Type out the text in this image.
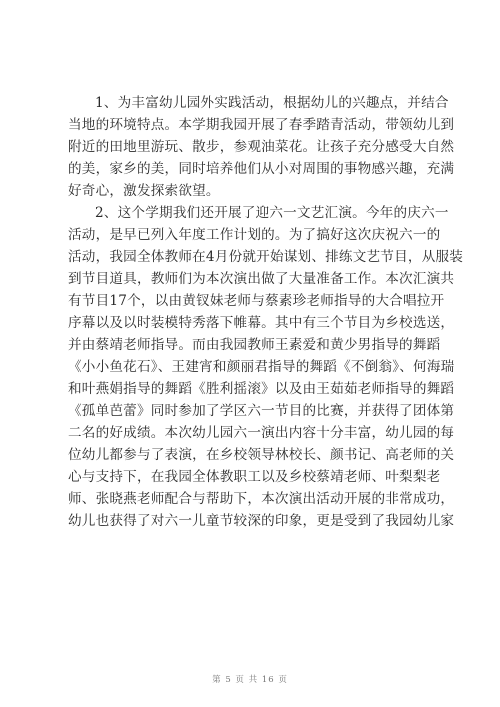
1、为丰富幼儿园外实践活动，根据幼儿的兴趣点，并结合
当地的环境特点。本学期我园开展了春季踏青活动，带领幼儿到
附近的田地里游玩、散步，参观油菜花。让孩子充分感受大自然
的美，家乡的美，同时培养他们从小对周围的事物感兴趣，充满
好奇心，激发探索欲望。
2、这个学期我们还开展了迎六一文艺汇演。今年的庆六一
活动，是早已列入年度工作计划的。为了搞好这次庆祝六一的
活动，我园全体教师在4月份就开始谋划、排练文艺节目，从服装
到节目道具，教师们为本次演出做了大量准备工作。本次汇演共
有节目17个，以由黄钗妹老师与蔡素珍老师指导的大合唱拉开
序幕以及以时装模特秀落下帷幕。其中有三个节目为乡校选送，
并由蔡靖老师指导。而由我园教师王素爱和黄少男指导的舞蹈
《小小鱼花石》、王建宵和颜丽君指导的舞蹈《不倒翁》、何海瑞
和叶燕娟指导的舞蹈《胜利摇滚》以及由王茹茹老师指导的舞蹈
《孤单芭蕾》同时参加了学区六一节目的比赛，并获得了团体第
二名的好成绩。本次幼儿园六一演出内容十分丰富，幼儿园的每
位幼儿都参与了表演，在乡校领导林校长、颜书记、高老师的关
心与支持下，在我园全体教职工以及乡校蔡靖老师、叶梨梨老
师、张晓燕老师配合与帮助下，本次演出活动开展的非常成功，
幼儿也获得了对六一儿童节较深的印象，更是受到了我园幼儿家
第 5 页 共 16 页
